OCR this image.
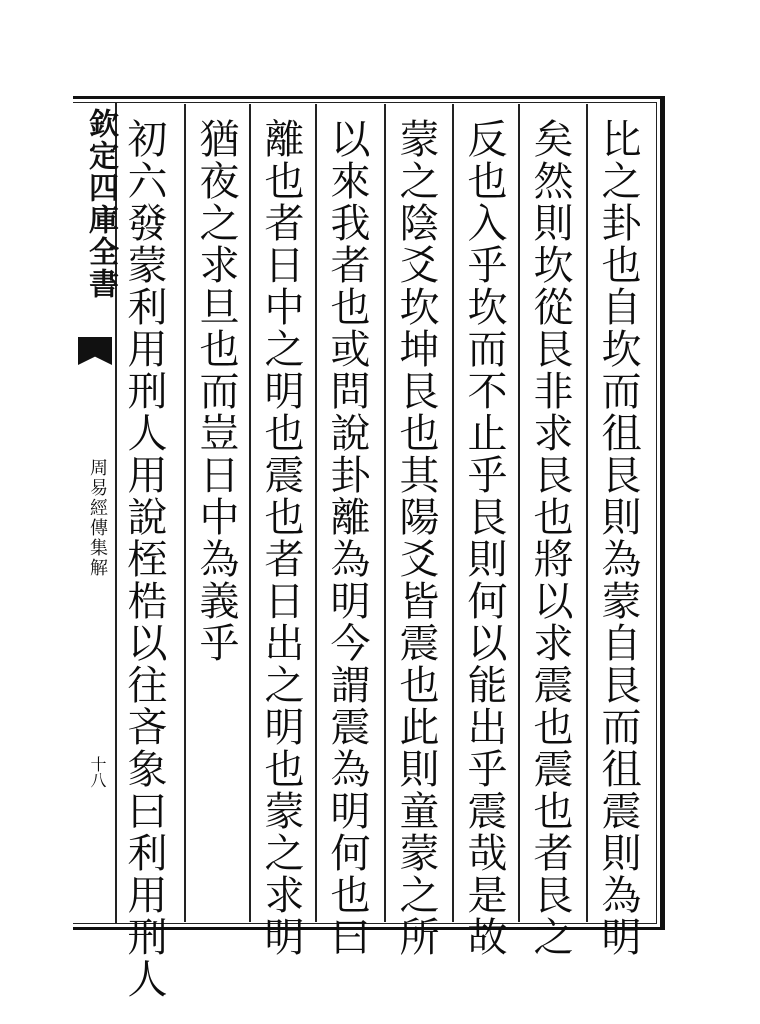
欽定四庫全書
周易經傳集解
十八	比之卦也自坎而徂艮則為蒙自艮而徂震則為明
矣然則坎從艮非求艮也將以求震也震也者艮之
反也入乎坎而不止乎艮則何以能出乎震哉是故
蒙之陰爻坎坤艮也其陽爻皆震也此則童蒙之所
以來我者也或問說卦離為明今謂震為明何也曰
離也者日中之明也震也者日出之明也蒙之求明
猶夜之求旦也而豈日中為義乎
初六發蒙利用刑人用說桎梏以往吝象曰利用刑人
